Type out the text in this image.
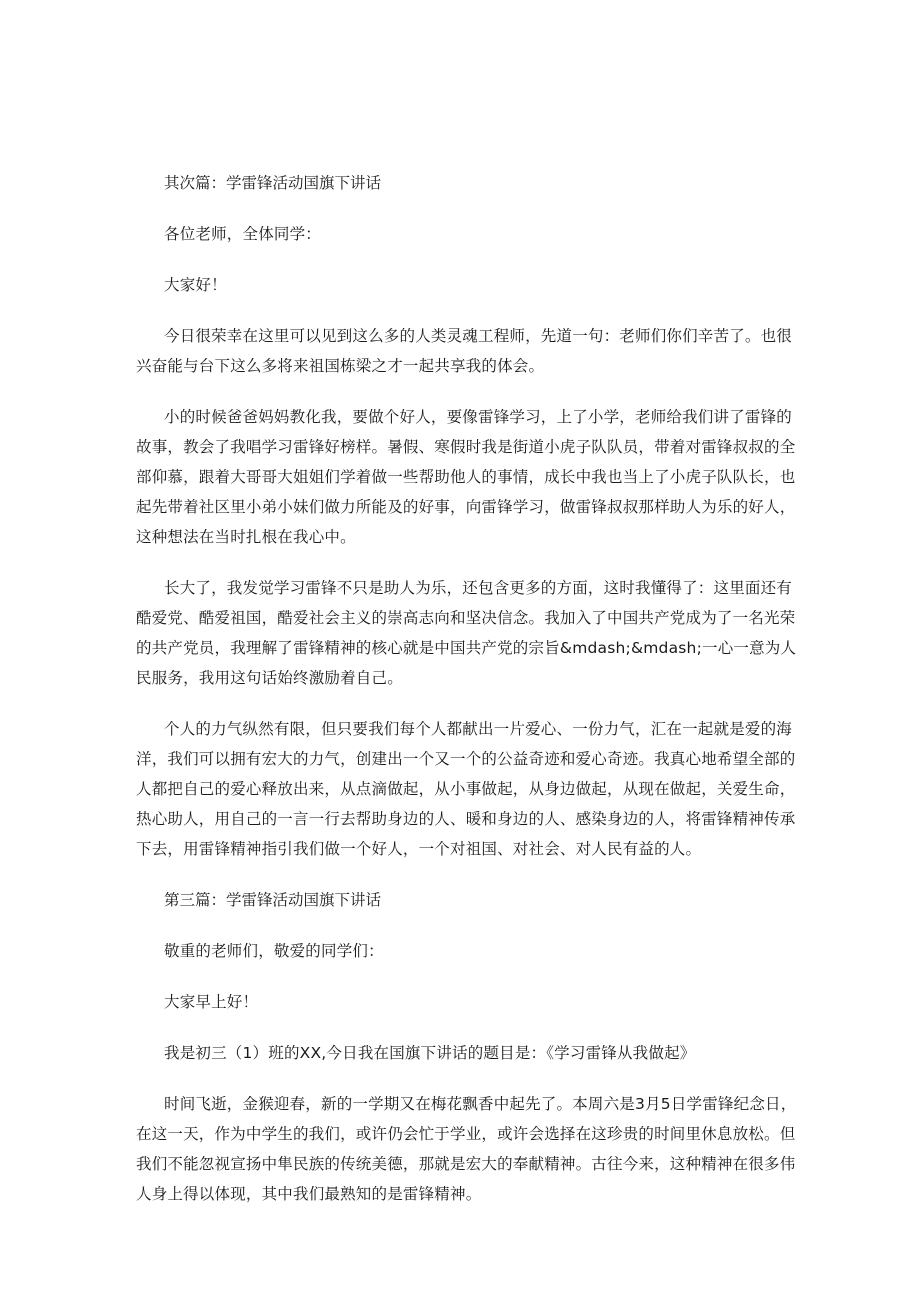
其次篇：学雷锋活动国旗下讲话

各位老师，全体同学：

大家好！

今日很荣幸在这里可以见到这么多的人类灵魂工程师，先道一句：老师们你们辛苦了。也很兴奋能与台下这么多将来祖国栋梁之才一起共享我的体会。

小的时候爸爸妈妈教化我，要做个好人，要像雷锋学习，上了小学，老师给我们讲了雷锋的故事，教会了我唱学习雷锋好榜样。暑假、寒假时我是街道小虎子队队员，带着对雷锋叔叔的全部仰慕，跟着大哥哥大姐姐们学着做一些帮助他人的事情，成长中我也当上了小虎子队队长，也起先带着社区里小弟小妹们做力所能及的好事，向雷锋学习，做雷锋叔叔那样助人为乐的好人，这种想法在当时扎根在我心中。

长大了，我发觉学习雷锋不只是助人为乐，还包含更多的方面，这时我懂得了：这里面还有酷爱党、酷爱祖国，酷爱社会主义的崇高志向和坚决信念。我加入了中国共产党成为了一名光荣的共产党员，我理解了雷锋精神的核心就是中国共产党的宗旨&mdash;&mdash;一心一意为人民服务，我用这句话始终激励着自己。

个人的力气纵然有限，但只要我们每个人都献出一片爱心、一份力气，汇在一起就是爱的海洋，我们可以拥有宏大的力气，创建出一个又一个的公益奇迹和爱心奇迹。我真心地希望全部的人都把自己的爱心释放出来，从点滴做起，从小事做起，从身边做起，从现在做起，关爱生命，热心助人，用自己的一言一行去帮助身边的人、暖和身边的人、感染身边的人，将雷锋精神传承下去，用雷锋精神指引我们做一个好人，一个对祖国、对社会、对人民有益的人。

第三篇：学雷锋活动国旗下讲话

敬重的老师们，敬爱的同学们：

大家早上好！

我是初三（1）班的XX,今日我在国旗下讲话的题目是：《学习雷锋从我做起》

时间飞逝，金猴迎春，新的一学期又在梅花飘香中起先了。本周六是3月5日学雷锋纪念日，在这一天，作为中学生的我们，或许仍会忙于学业，或许会选择在这珍贵的时间里休息放松。但我们不能忽视宣扬中隼民族的传统美德，那就是宏大的奉献精神。古往今来，这种精神在很多伟人身上得以体现，其中我们最熟知的是雷锋精神。
